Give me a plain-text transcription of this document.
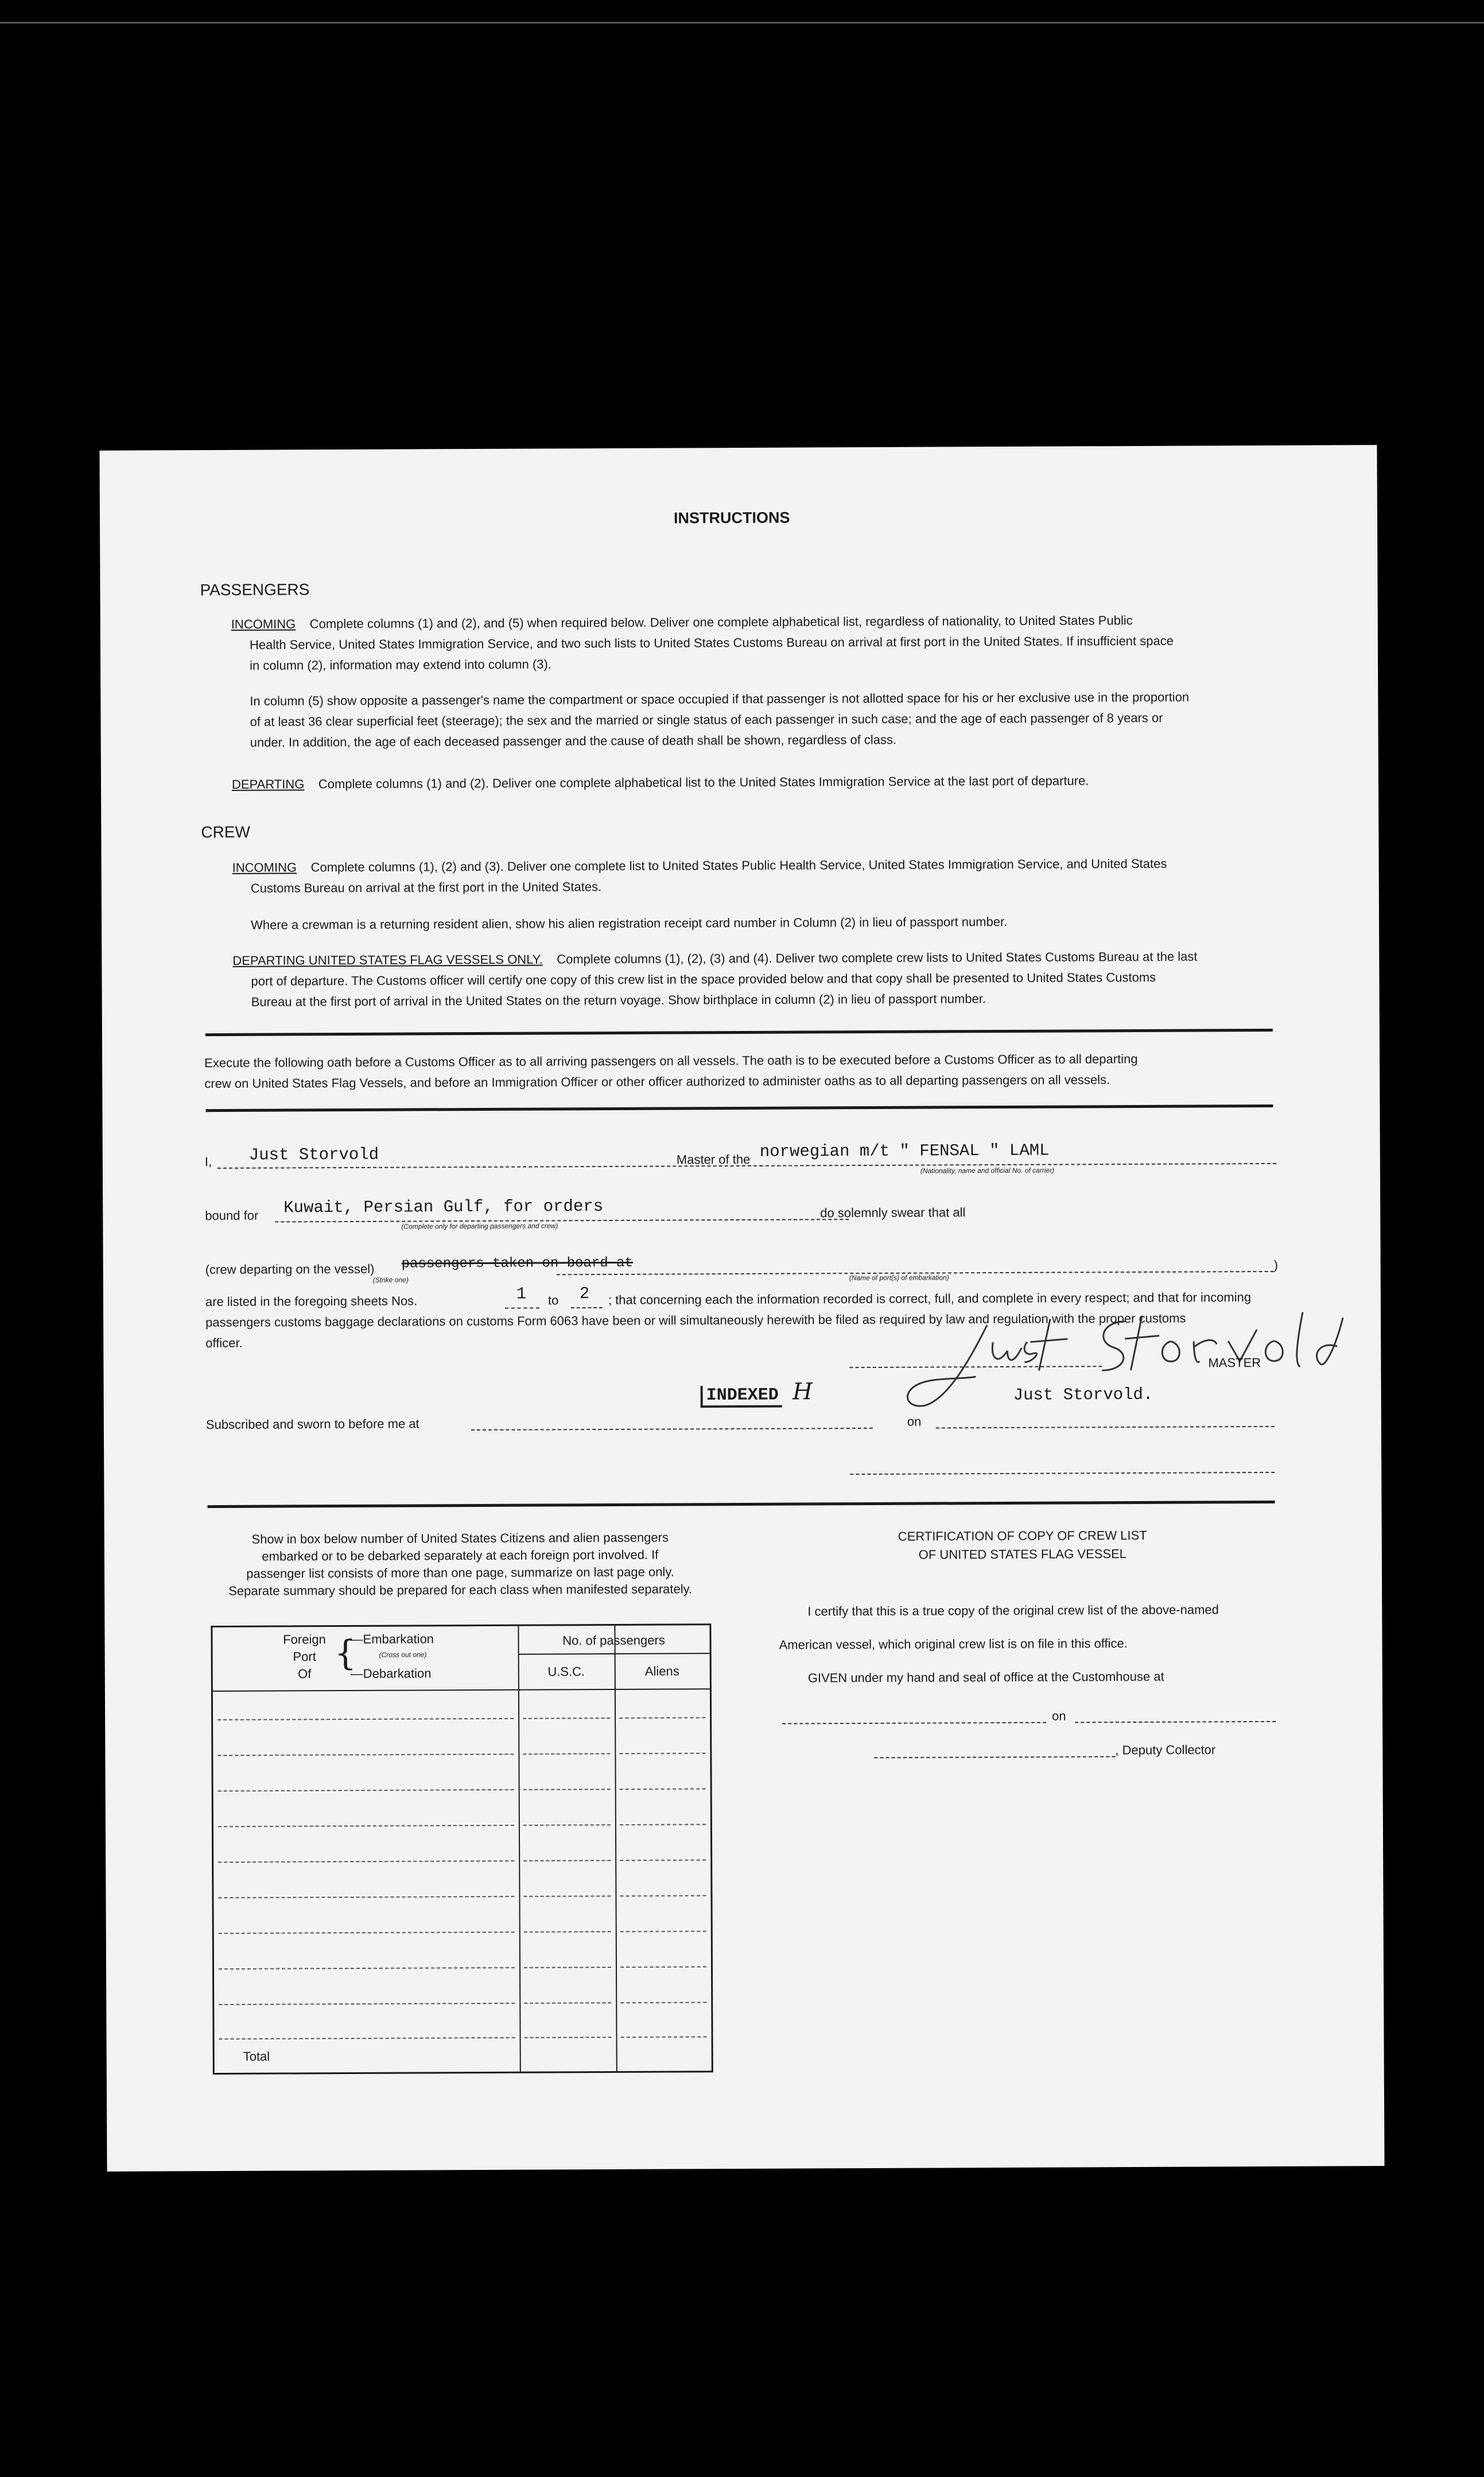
INSTRUCTIONS
PASSENGERS
INCOMING Complete columns (1) and (2), and (5) when required below. Deliver one complete alphabetical list, regardless of nationality, to United States Public
Health Service, United States Immigration Service, and two such lists to United States Customs Bureau on arrival at first port in the United States. If insufficient space
in column (2), information may extend into column (3).
In column (5) show opposite a passenger's name the compartment or space occupied if that passenger is not allotted space for his or her exclusive use in the proportion
of at least 36 clear superficial feet (steerage); the sex and the married or single status of each passenger in such case; and the age of each passenger of 8 years or
under. In addition, the age of each deceased passenger and the cause of death shall be shown, regardless of class.
DEPARTING Complete columns (1) and (2). Deliver one complete alphabetical list to the United States Immigration Service at the last port of departure.
CREW
INCOMING Complete columns (1), (2) and (3). Deliver one complete list to United States Public Health Service, United States Immigration Service, and United States
Customs Bureau on arrival at the first port in the United States.
Where a crewman is a returning resident alien, show his alien registration receipt card number in Column (2) in lieu of passport number.
DEPARTING UNITED STATES FLAG VESSELS ONLY. Complete columns (1), (2), (3) and (4). Deliver two complete crew lists to United States Customs Bureau at the last
port of departure. The Customs officer will certify one copy of this crew list in the space provided below and that copy shall be presented to United States Customs
Bureau at the first port of arrival in the United States on the return voyage. Show birthplace in column (2) in lieu of passport number.
Execute the following oath before a Customs Officer as to all arriving passengers on all vessels. The oath is to be executed before a Customs Officer as to all departing
crew on United States Flag Vessels, and before an Immigration Officer or other officer authorized to administer oaths as to all departing passengers on all vessels.
I, Just Storvold	Master of the norwegian m/t " FENSAL " LAML
(Nationality, name and official No. of carrier)
bound for Kuwait, Persian Gulf, for orders
(Complete only for departing passengers and crew)
do solemnly swear that all
(crew departing on the vessel) passengers taken on board at
(Strike one)	(Name of port(s) of embarkation)
)
are listed in the foregoing sheets Nos.	1 to 2 ; that concerning each the information recorded is correct, full, and complete in every respect; and that for incoming
passengers customs baggage declarations on customs Form 6063 have been or will simultaneously herewith be filed as required by law and regulation with the proper customs
officer.
MASTER
INDEXED H	Just Storvold.
Subscribed and sworn to before me at	on
Show in box below number of United States Citizens and alien passengers
embarked or to be debarked separately at each foreign port involved. If
passenger list consists of more than one page, summarize on last page only.
Separate summary should be prepared for each class when manifested separately.
Foreign
Port
Of
{
—Embarkation
(Cross out one)
—Debarkation
No. of passengers
U.S.C.	Aliens
Total
CERTIFICATION OF COPY OF CREW LIST
OF UNITED STATES FLAG VESSEL
I certify that this is a true copy of the original crew list of the above-named
American vessel, which original crew list is on file in this office.
GIVEN under my hand and seal of office at the Customhouse at
on
, Deputy Collector
